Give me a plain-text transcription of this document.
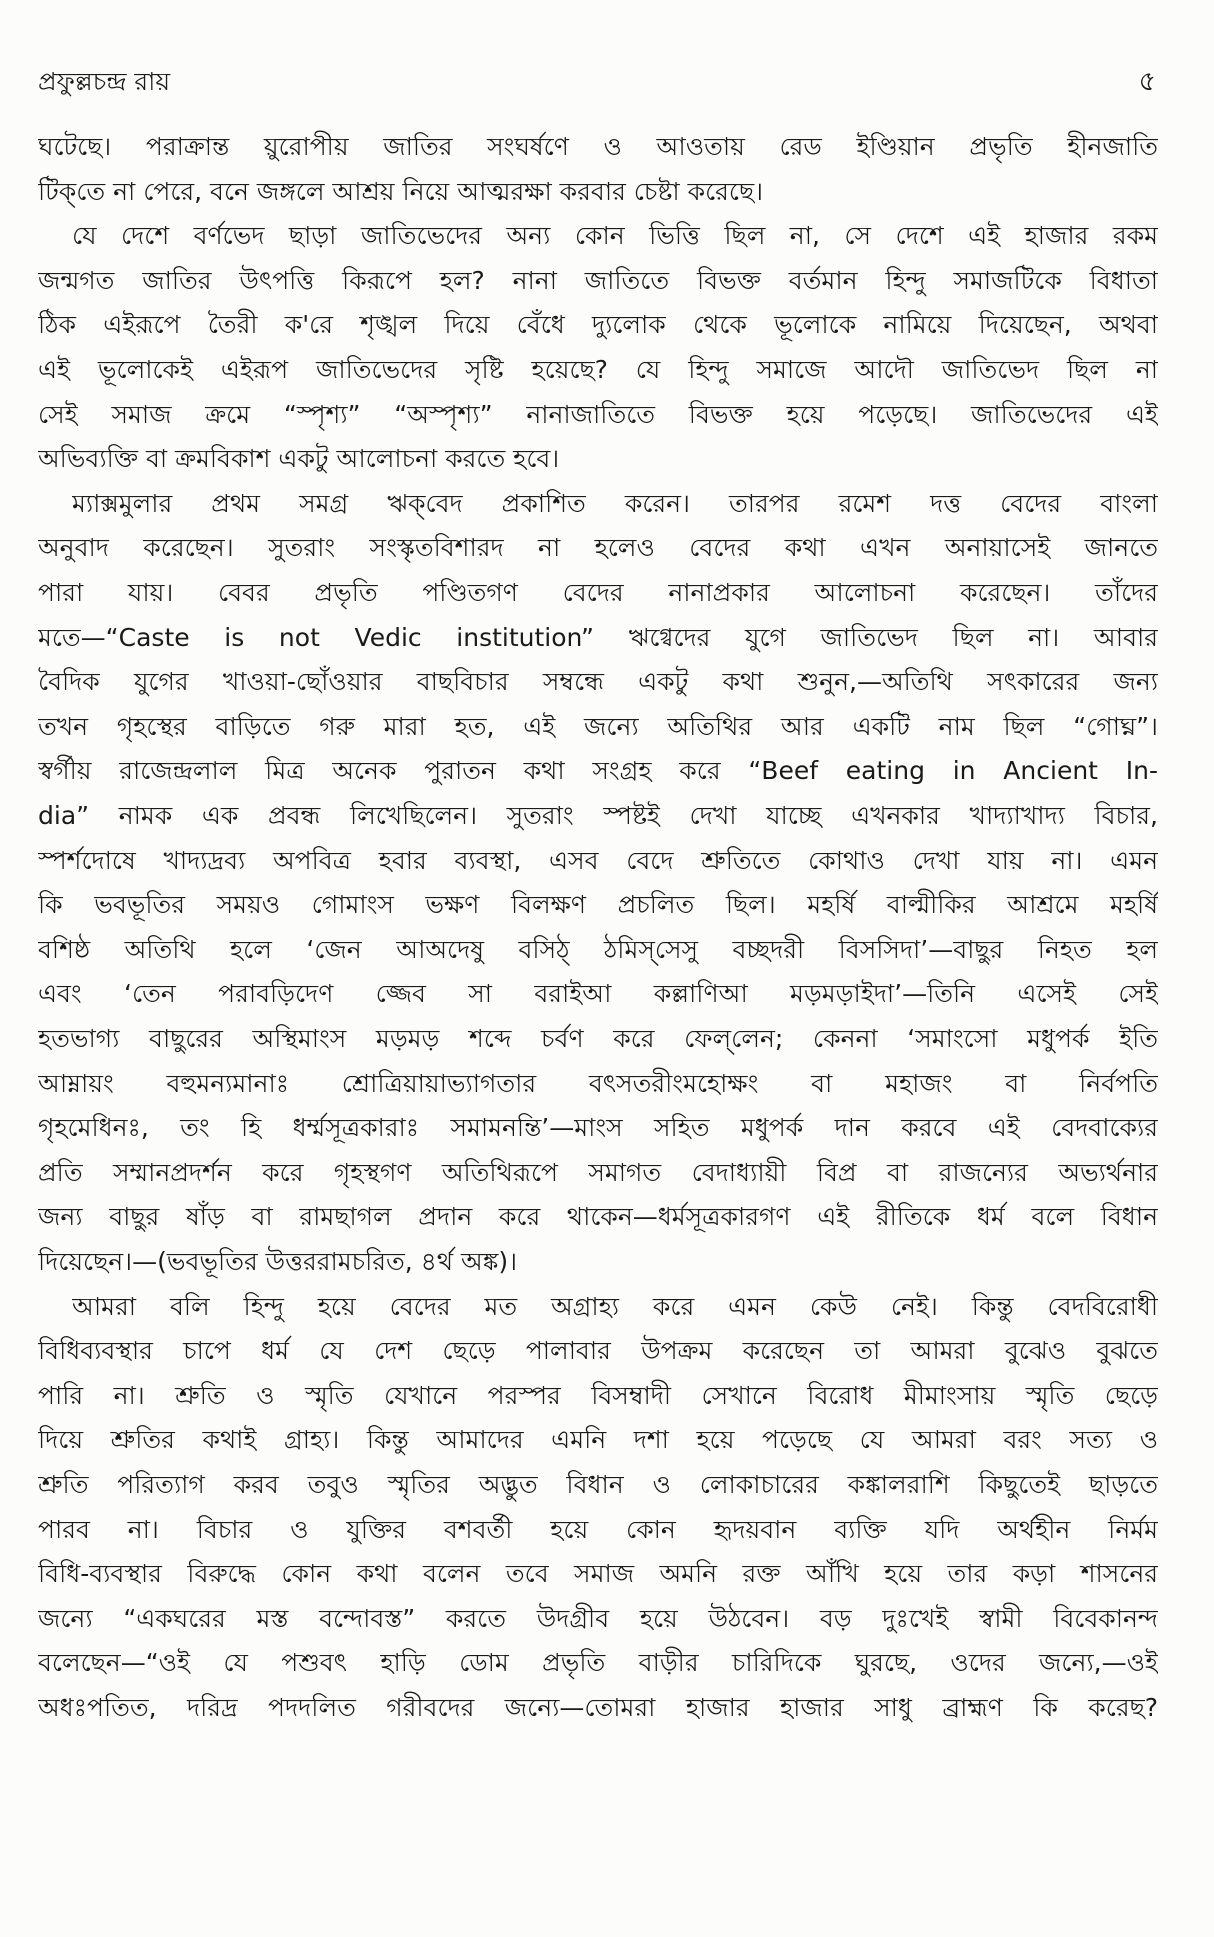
প্রফুল্লচন্দ্র রায়	৫
ঘটেছে। পরাক্রান্ত য়ুরোপীয় জাতির সংঘর্ষণে ও আওতায় রেড ইণ্ডিয়ান প্রভৃতি হীনজাতি
টিক্‌তে না পেরে, বনে জঙ্গলে আশ্রয় নিয়ে আত্মরক্ষা করবার চেষ্টা করেছে।
যে দেশে বর্ণভেদ ছাড়া জাতিভেদের অন্য কোন ভিত্তি ছিল না, সে দেশে এই হাজার রকম
জন্মগত জাতির উৎপত্তি কিরূপে হল? নানা জাতিতে বিভক্ত বর্তমান হিন্দু সমাজটিকে বিধাতা
ঠিক এইরূপে তৈরী ক'রে শৃঙ্খল দিয়ে বেঁধে দ্যুলোক থেকে ভূলোকে নামিয়ে দিয়েছেন, অথবা
এই ভূলোকেই এইরূপ জাতিভেদের সৃষ্টি হয়েছে? যে হিন্দু সমাজে আদৌ জাতিভেদ ছিল না
সেই সমাজ ক্রমে “স্পৃশ্য” “অস্পৃশ্য” নানাজাতিতে বিভক্ত হয়ে পড়েছে। জাতিভেদের এই
অভিব্যক্তি বা ক্রমবিকাশ একটু আলোচনা করতে হবে।
ম্যাক্সমুলার প্রথম সমগ্র ঋক্‌বেদ প্রকাশিত করেন। তারপর রমেশ দত্ত বেদের বাংলা
অনুবাদ করেছেন। সুতরাং সংস্কৃতবিশারদ না হলেও বেদের কথা এখন অনায়াসেই জানতে
পারা যায়। বেবর প্রভৃতি পণ্ডিতগণ বেদের নানাপ্রকার আলোচনা করেছেন। তাঁদের
মতে—“Caste is not Vedic institution” ঋগ্বেদের যুগে জাতিভেদ ছিল না। আবার
বৈদিক যুগের খাওয়া-ছোঁওয়ার বাছবিচার সম্বন্ধে একটু কথা শুনুন,—অতিথি সৎকারের জন্য
তখন গৃহস্থের বাড়িতে গরু মারা হত, এই জন্যে অতিথির আর একটি নাম ছিল “গোঘ্ন”।
স্বর্গীয় রাজেন্দ্রলাল মিত্র অনেক পুরাতন কথা সংগ্রহ করে “Beef eating in Ancient In-
dia” নামক এক প্রবন্ধ লিখেছিলেন। সুতরাং স্পষ্টই দেখা যাচ্ছে এখনকার খাদ্যাখাদ্য বিচার,
স্পর্শদোষে খাদ্যদ্রব্য অপবিত্র হবার ব্যবস্থা, এসব বেদে শ্রুতিতে কোথাও দেখা যায় না। এমন
কি ভবভূতির সময়ও গোমাংস ভক্ষণ বিলক্ষণ প্রচলিত ছিল। মহর্ষি বাল্মীকির আশ্রমে মহর্ষি
বশিষ্ঠ অতিথি হলে ‘জেন আঅদেষু বসিঠ্‌ ঠমিস্‌সেসু বচ্ছদরী বিসসিদা’—বাছুর নিহত হল
এবং ‘তেন পরাবড়িদেণ জ্জেব সা বরাইআ কল্লাণিআ মড়মড়াইদা’—তিনি এসেই সেই
হতভাগ্য বাছুরের অস্থিমাংস মড়মড় শব্দে চর্বণ করে ফেল্‌লেন; কেননা ‘সমাংসো মধুপর্ক ইতি
আম্নায়ং বহুমন্যমানাঃ শ্রোত্রিয়ায়াভ্যাগতার বৎসতরীংমহোক্ষং বা মহাজং বা নির্বপতি
গৃহমেধিনঃ, তং হি ধর্ম্মসূত্রকারাঃ সমামনন্তি’—মাংস সহিত মধুপর্ক দান করবে এই বেদবাক্যের
প্রতি সম্মানপ্রদর্শন করে গৃহস্থগণ অতিথিরূপে সমাগত বেদাধ্যায়ী বিপ্র বা রাজন্যের অভ্যর্থনার
জন্য বাছুর ষাঁড় বা রামছাগল প্রদান করে থাকেন—ধর্মসূত্রকারগণ এই রীতিকে ধর্ম বলে বিধান
দিয়েছেন।—(ভবভূতির উত্তররামচরিত, ৪র্থ অঙ্ক)।
আমরা বলি হিন্দু হয়ে বেদের মত অগ্রাহ্য করে এমন কেউ নেই। কিন্তু বেদবিরোধী
বিধিব্যবস্থার চাপে ধর্ম যে দেশ ছেড়ে পালাবার উপক্রম করেছেন তা আমরা বুঝেও বুঝতে
পারি না। শ্রুতি ও স্মৃতি যেখানে পরস্পর বিসম্বাদী সেখানে বিরোধ মীমাংসায় স্মৃতি ছেড়ে
দিয়ে শ্রুতির কথাই গ্রাহ্য। কিন্তু আমাদের এমনি দশা হয়ে পড়েছে যে আমরা বরং সত্য ও
শ্রুতি পরিত্যাগ করব তবুও স্মৃতির অদ্ভুত বিধান ও লোকাচারের কঙ্কালরাশি কিছুতেই ছাড়তে
পারব না। বিচার ও যুক্তির বশবর্তী হয়ে কোন হৃদয়বান ব্যক্তি যদি অর্থহীন নির্মম
বিধি-ব্যবস্থার বিরুদ্ধে কোন কথা বলেন তবে সমাজ অমনি রক্ত আঁখি হয়ে তার কড়া শাসনের
জন্যে “একঘরের মস্ত বন্দোবস্ত” করতে উদগ্রীব হয়ে উঠবেন। বড় দুঃখেই স্বামী বিবেকানন্দ
বলেছেন—“ওই যে পশুবৎ হাড়ি ডোম প্রভৃতি বাড়ীর চারিদিকে ঘুরছে, ওদের জন্যে,—ওই
অধঃপতিত, দরিদ্র পদদলিত গরীবদের জন্যে—তোমরা হাজার হাজার সাধু ব্রাহ্মণ কি করেছ?
